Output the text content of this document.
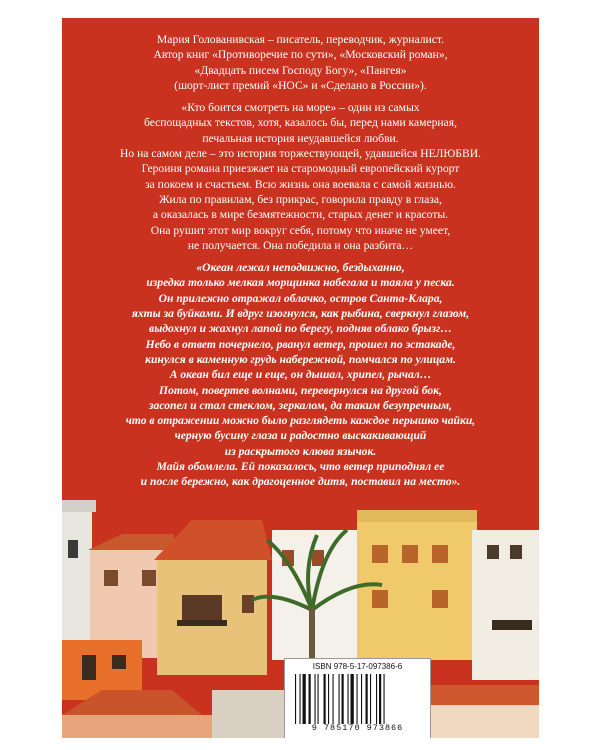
Мария Голованивская – писатель, переводчик, журналист.

Автор книг «Противоречие по сути», «Московский роман»,

«Двадцать писем Господу Богу», «Пангея»

(шорт-лист премий «НОС» и «Сделано в России»).

«Кто боится смотреть на море» – один из самых

беспощадных текстов, хотя, казалось бы, перед нами камерная,

печальная история неудавшейся любви.

Но на самом деле – это история торжествующей, удавшейся НЕЛЮБВИ.

Героиня романа приезжает на старомодный европейский курорт

за покоем и счастьем. Всю жизнь она воевала с самой жизнью.

Жила по правилам, без прикрас, говорила правду в глаза,

а оказалась в мире безмятежности, старых денег и красоты.

Она рушит этот мир вокруг себя, потому что иначе не умеет,

не получается. Она победила и она разбита…

«Океан лежал неподвижно, бездыханно,

изредка только мелкая морщинка набегала и таяла у песка.

Он прилежно отражал облачко, остров Санта-Клара,

яхты за буйками. И вдруг изогнулся, как рыбина, сверкнул глазом,

выдохнул и жахнул лапой по берегу, подняв облако брызг…

Небо в ответ почернело, рванул ветер, прошел по эстакаде,

кинулся в каменную грудь набережной, помчался по улицам.

А океан бил еще и еще, он дышал, хрипел, рычал…

Потом, повертев волнами, перевернулся на другой бок,

засопел и стал стеклом, зеркалом, да таким безупречным,

что в отражении можно было разглядеть каждое перышко чайки,

черную бусину глаза и радостно выскакивающий

из раскрытого клюва язычок.

Майя обомлела. Ей показалось, что ветер приподнял ее

и после бережно, как драгоценное дитя, поставил на место».

ISBN 978-5-17-097386-6
9 785170 973866
